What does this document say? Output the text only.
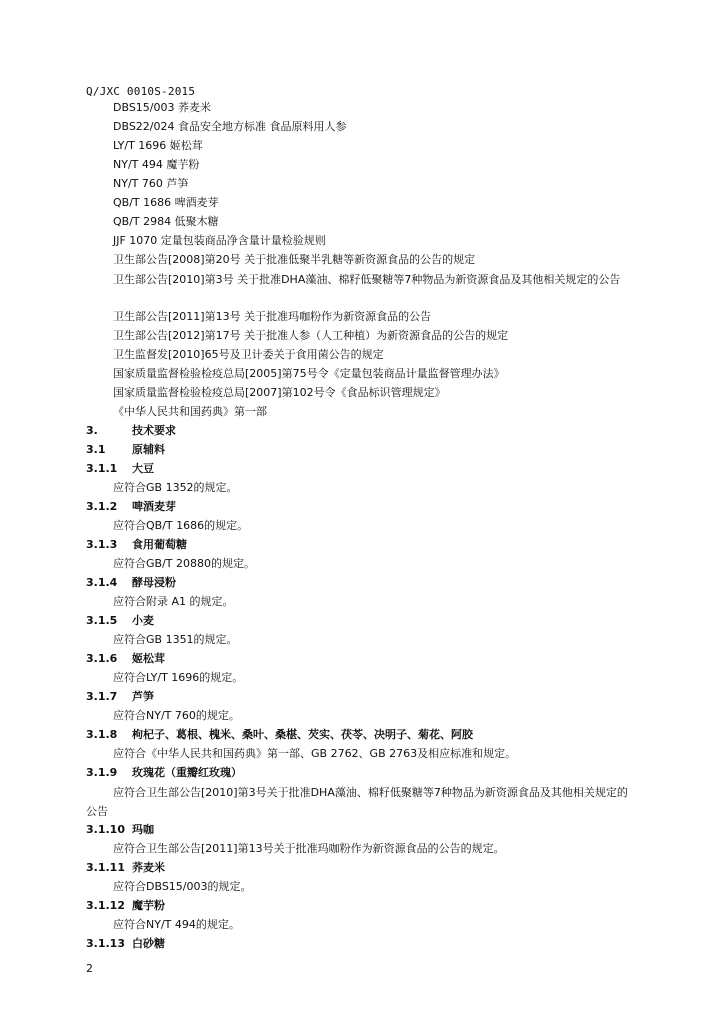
Q/JXC 0010S-2015
DBS15/003 荞麦米
DBS22/024 食品安全地方标准 食品原料用人参
LY/T 1696 姬松茸
NY/T 494 魔芋粉
NY/T 760 芦笋
QB/T 1686 啤酒麦芽
QB/T 2984 低聚木糖
JJF 1070 定量包装商品净含量计量检验规则
卫生部公告[2008]第20号 关于批准低聚半乳糖等新资源食品的公告的规定
卫生部公告[2010]第3号 关于批准DHA藻油、棉籽低聚糖等7种物品为新资源食品及其他相关规定的公告
卫生部公告[2011]第13号 关于批准玛咖粉作为新资源食品的公告
卫生部公告[2012]第17号 关于批准人参（人工种植）为新资源食品的公告的规定
卫生监督发[2010]65号及卫计委关于食用菌公告的规定
国家质量监督检验检疫总局[2005]第75号令《定量包装商品计量监督管理办法》
国家质量监督检验检疫总局[2007]第102号令《食品标识管理规定》
《中华人民共和国药典》第一部
3.	技术要求
3.1 原辅料
3.1.1 大豆
应符合GB 1352的规定。
3.1.2 啤酒麦芽
应符合QB/T 1686的规定。
3.1.3 食用葡萄糖
应符合GB/T 20880的规定。
3.1.4 酵母浸粉
应符合附录 A1 的规定。
3.1.5 小麦
应符合GB 1351的规定。
3.1.6 姬松茸
应符合LY/T 1696的规定。
3.1.7 芦笋
应符合NY/T 760的规定。
3.1.8 枸杞子、葛根、槐米、桑叶、桑椹、芡实、茯苓、决明子、菊花、阿胶
应符合《中华人民共和国药典》第一部、GB 2762、GB 2763及相应标准和规定。
3.1.9 玫瑰花（重瓣红玫瑰）
应符合卫生部公告[2010]第3号关于批准DHA藻油、棉籽低聚糖等7种物品为新资源食品及其他相关规定的公告
3.1.10 玛咖
应符合卫生部公告[2011]第13号关于批准玛咖粉作为新资源食品的公告的规定。
3.1.11 荞麦米
应符合DBS15/003的规定。
3.1.12 魔芋粉
应符合NY/T 494的规定。
3.1.13 白砂糖
2
